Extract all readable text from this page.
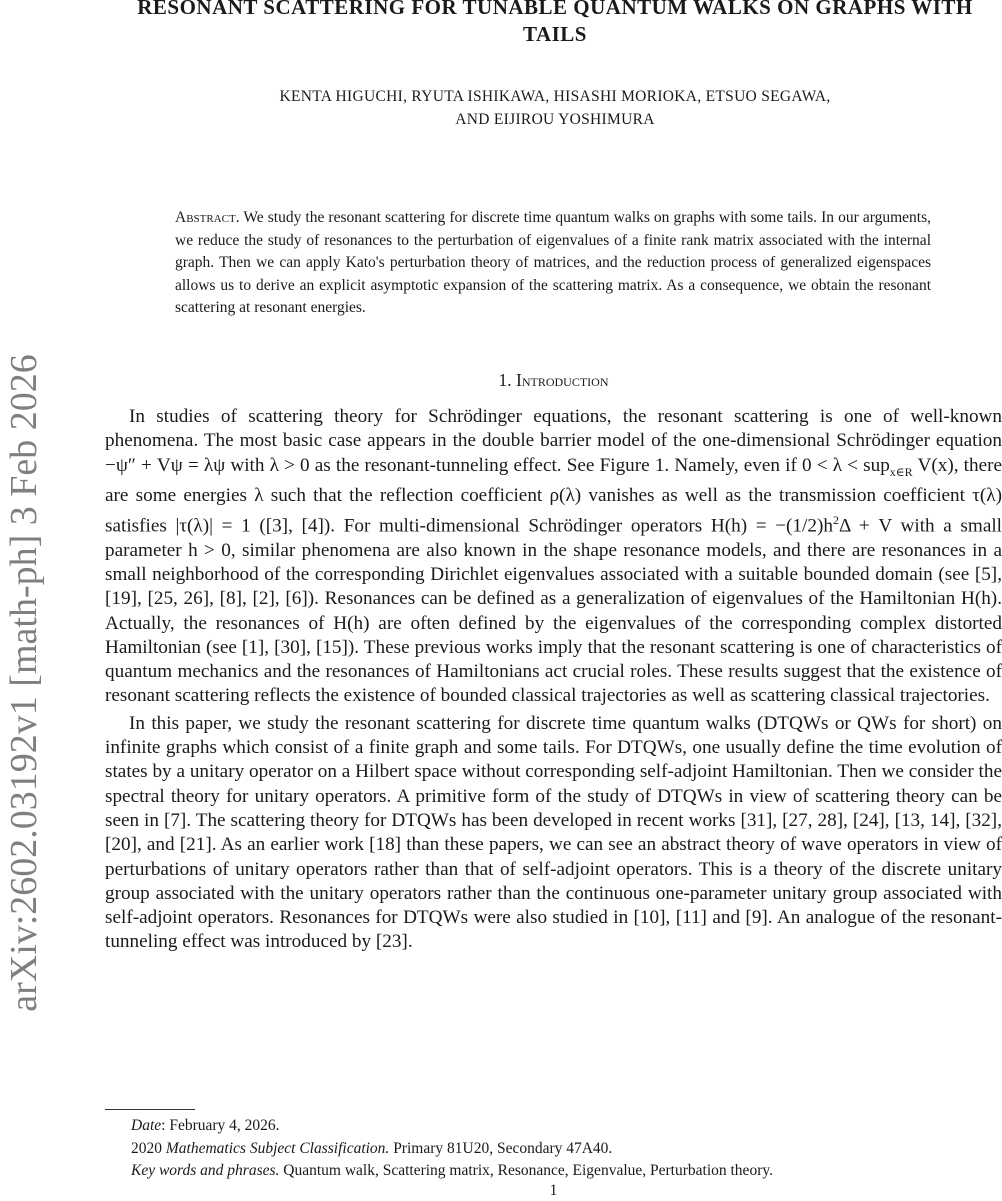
arXiv:2602.03192v1 [math-ph] 3 Feb 2026
RESONANT SCATTERING FOR TUNABLE QUANTUM WALKS ON GRAPHS WITH TAILS
KENTA HIGUCHI, RYUTA ISHIKAWA, HISASHI MORIOKA, ETSUO SEGAWA,
AND EIJIROU YOSHIMURA

Abstract. We study the resonant scattering for discrete time quantum walks on graphs with some tails. In our arguments, we reduce the study of resonances to the perturbation of eigenvalues of a finite rank matrix associated with the internal graph. Then we can apply Kato's perturbation theory of matrices, and the reduction process of generalized eigenspaces allows us to derive an explicit asymptotic expansion of the scattering matrix. As a consequence, we obtain the resonant scattering at resonant energies.

1. Introduction

In studies of scattering theory for Schrödinger equations, the resonant scattering is one of well-known phenomena. The most basic case appears in the double barrier model of the one-dimensional Schrödinger equation −ψ″ + Vψ = λψ with λ > 0 as the resonant-tunneling effect. See Figure 1. Namely, even if 0 < λ < sup$_{x\in R}$ V(x), there are some energies λ such that the reflection coefficient ρ(λ) vanishes as well as the transmission coefficient τ(λ) satisfies |τ(λ)| = 1 ([3], [4]). For multi-dimensional Schrödinger operators $H(h) = -(1/2)h^2\Delta + V$ with a small parameter h > 0, similar phenomena are also known in the shape resonance models, and there are resonances in a small neighborhood of the corresponding Dirichlet eigenvalues associated with a suitable bounded domain (see [5], [19], [25, 26], [8], [2], [6]). Resonances can be defined as a generalization of eigenvalues of the Hamiltonian H(h). Actually, the resonances of H(h) are often defined by the eigenvalues of the corresponding complex distorted Hamiltonian (see [1], [30], [15]). These previous works imply that the resonant scattering is one of characteristics of quantum mechanics and the resonances of Hamiltonians act crucial roles. These results suggest that the existence of resonant scattering reflects the existence of bounded classical trajectories as well as scattering classical trajectories.

In this paper, we study the resonant scattering for discrete time quantum walks (DTQWs or QWs for short) on infinite graphs which consist of a finite graph and some tails. For DTQWs, one usually define the time evolution of states by a unitary operator on a Hilbert space without corresponding self-adjoint Hamiltonian. Then we consider the spectral theory for unitary operators. A primitive form of the study of DTQWs in view of scattering theory can be seen in [7]. The scattering theory for DTQWs has been developed in recent works [31], [27, 28], [24], [13, 14], [32], [20], and [21]. As an earlier work [18] than these papers, we can see an abstract theory of wave operators in view of perturbations of unitary operators rather than that of self-adjoint operators. This is a theory of the discrete unitary group associated with the unitary operators rather than the continuous one-parameter unitary group associated with self-adjoint operators. Resonances for DTQWs were also studied in [10], [11] and [9]. An analogue of the resonant-tunneling effect was introduced by [23].

Date: February 4, 2026.
2020 Mathematics Subject Classification. Primary 81U20, Secondary 47A40.
Key words and phrases. Quantum walk, Scattering matrix, Resonance, Eigenvalue, Perturbation theory.
1
